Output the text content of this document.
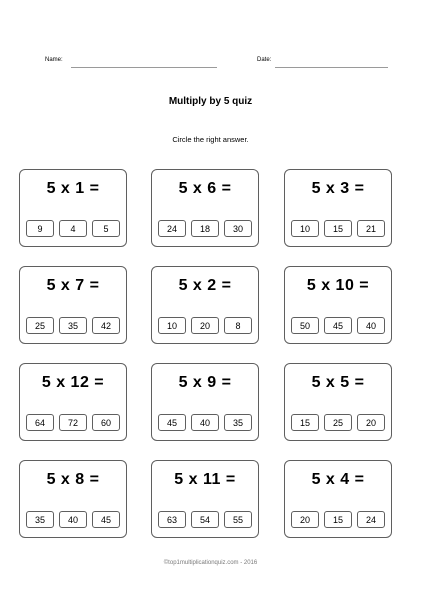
Name:	Date:
Multiply by 5 quiz
Circle the right answer.
5 x 1 =
9	4	5
5 x 6 =
24	18	30
5 x 3 =
10	15	21
5 x 7 =
25	35	42
5 x 2 =
10	20	8
5 x 10 =
50	45	40
5 x 12 =
64	72	60
5 x 9 =
45	40	35
5 x 5 =
15	25	20
5 x 8 =
35	40	45
5 x 11 =
63	54	55
5 x 4 =
20	15	24
©top1multiplicationquiz.com - 2016
